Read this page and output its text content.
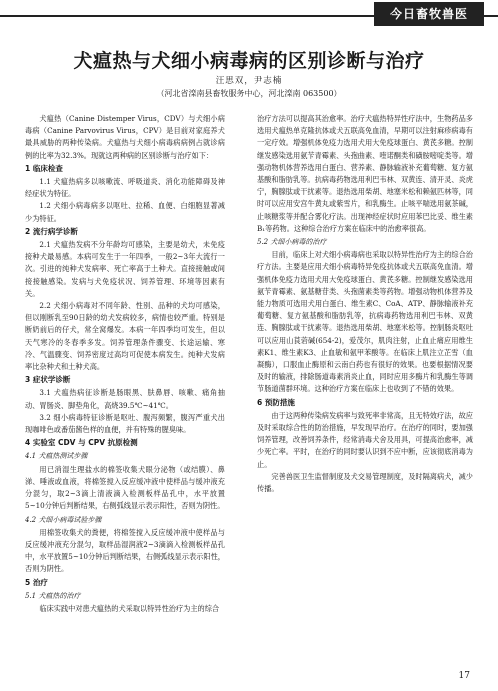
今日畜牧兽医
犬瘟热与犬细小病毒病的区别诊断与治疗
汪思双，尹志楠
（河北省滦南县畜牧服务中心，河北滦南 063500）

犬瘟热（Canine Distemper Virus，CDV）与犬细小病毒病（Canine Parvovirus Virus，CPV）是目前对家庭养犬最具威胁的两种传染病。犬瘟热与犬细小病毒病病例占就诊病例的比率为32.3%。现就这两种病的区别诊断与治疗如下：

1 临床检查

1.1 犬瘟热病多以咳嗽流、呼吸道炎、消化功能障碍及神经症状为特征。

1.2 犬细小病毒病多以呕吐、拉稀、血便、白细胞显著减少为特征。

2 流行病学诊断

2.1 犬瘟热发病不分年龄均可感染，主要是幼犬，未免疫接种犬最易感。本病可发生于一年四季，一般2~3年大流行一次。引进的纯种犬发病率、死亡率高于土种犬。直接接触或间接接触感染。发病与犬免疫状况、饲养管理、环境等因素有关。

2.2 犬细小病毒对不同年龄、性别、品种的犬均可感染，但以刚断乳至90日龄的幼犬发病较多，病情也较严重。特别是断奶前后的仔犬，常全窝爆发。本病一年四季均可发生，但以天气寒冷的冬春季多发。饲养管理条件骤变、长途运输、寒冷、气温骤变、饲养密度过高均可促使本病发生。纯种犬发病率比杂种犬和土种犬高。

3 症状学诊断

3.1 犬瘟热病征诊断是肠眼黑、肤鼻唇、咳嗽、痛角抽动、胃肠炎、脚垫角化，高烧39.5℃~41℃。

3.2 细小病毒特征诊断是呕吐、腹泻频繁，腹泻严重犬出现咖啡色或番茄酱色样的血便，并有特殊的腥臭味。

4 实验室 CDV 与 CPV 抗原检测
4.1 犬瘟热测试步骤

用已消湿生理盐水的棉签收集犬眼分泌物（或结膜）、鼻涕、唾液或血液，将棉签搅入反应缓冲液中使样品与缓冲液充分混匀，取2~3滴上清液滴入检测板样品孔中，水平放置5~10分钟后判断结果，右侧弧线显示表示阳性，否则为阴性。

4.2 犬细小病毒试验步骤

用棉签收集犬的粪便，将棉签搅入反应缓冲液中使样品与反应缓冲液充分混匀，取样品湿润液2~3滴滴入检测板样品孔中，水平放置5~10分钟后判断结果，右侧弧线显示表示阳性，否则为阴性。

5 治疗
5.1 犬瘟热的治疗

临床实践中对患犬瘟热的犬采取以特异性治疗为主的综合

治疗方法可以提高其治愈率。治疗犬瘟热特异性疗法中，生物药品多选用犬瘟热单克隆抗体或犬五联高免血清，早期可以注射麻疹病毒有一定疗效。增强机体免疫力选用犬用大免疫球蛋白、黄芪多糖。控制继发感染选用氨苄青霉素、头孢曲素、喹诺酮类和磺胺嘧啶类等。增强动物机体营养选用白蛋白、营养素、静脉输液补充葡萄糖、复方氨基酸和脂肪乳等。抗病毒药物选用利巴韦林、双黄连、清开灵、炎虎宁，胸腺肽或干扰素等。退热选用柴胡、地塞米松和赖氨匹林等，同时可以应用安宫牛黄丸或紫雪片，和乳酶生。止咳平喘选用氨茶碱，止咳糖浆等并配合雾化疗法。出现神经症状时应用苯巴比妥、维生素B₁等药物。这种综合治疗方案在临床中的治愈率很高。

5.2 犬细小病毒的治疗

目前，临床上对犬细小病毒病也采取以特异性治疗为主的综合治疗方法。主要是应用犬细小病毒特异免疫抗体或犬五联高免血清。增强机体免疫力选用犬用大免疫球蛋白、黄芪多糖。控制继发感染选用氨苄青霉素、氨基糖苷类、头孢菌素类等药物。增强动物机体营养及能力物质可选用犬用白蛋白、维生素C、CoA、ATP、静脉输液补充葡萄糖、复方氨基酸和脂肪乳等，抗病毒药物选用利巴韦林、双黄连、胸腺肽或干扰素等。退热选用柴胡、地塞米松等。控制肠炎呕吐可以应用山莨菪碱(654-2)，爱茂尔，肌肉注射，止血止痛应用维生素K1、维生素K3、止血敏和氨甲苯酸等。在临床上肌注立芷雪（血凝酶），口服血止酶原和云南白药也有很好的效果。也要根据情况要及时的输液，排除肠道毒素消炎止血，同时应用多酶片和乳酶生等调节肠道菌群环境。这种治疗方案在临床上也收到了不错的效果。

6 预防措施

由于这两种传染病发病率与致死率非常高，且无特效疗法，故应及时采取综合性的防治措施，早发现早治疗。在治疗的同时，要加强饲养管理，改善饲养条件，经常消毒犬舍及用具，可提高治愈率，减少死亡率。平时，在治疗的同时要认识到不应中断，应该彻底消毒为止。

完善兽医卫生监督制度及犬交易管理制度，及时隔离病犬，减少传播。

17
